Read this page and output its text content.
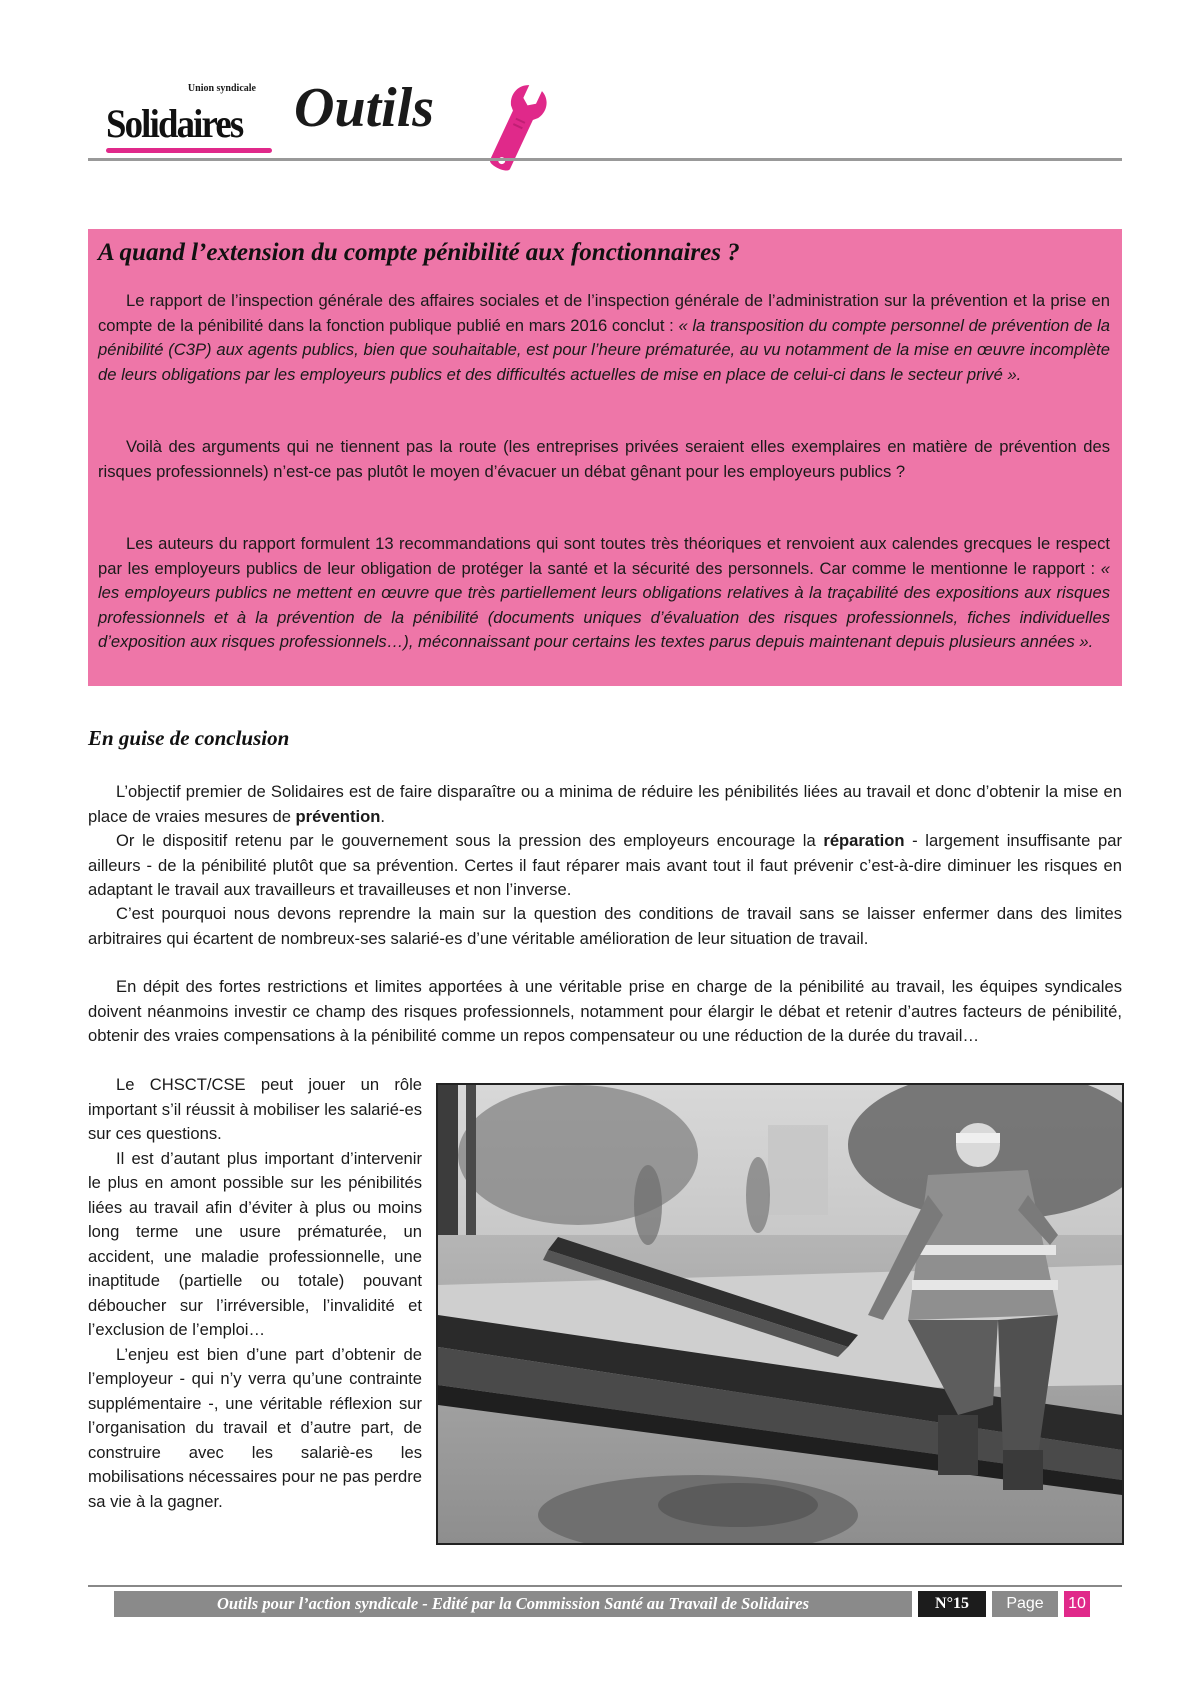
Union syndicale
Solidaires Outils
A quand l’extension du compte pénibilité aux fonctionnaires ?

Le rapport de l’inspection générale des affaires sociales et de l’inspection générale de l’administration sur la prévention et la prise en compte de la pénibilité dans la fonction publique publié en mars 2016 conclut : « la transposition du compte personnel de prévention de la pénibilité (C3P) aux agents publics, bien que souhaitable, est pour l’heure prématurée, au vu notamment de la mise en œuvre incomplète de leurs obligations par les employeurs publics et des difficultés actuelles de mise en place de celui-ci dans le secteur privé ».

Voilà des arguments qui ne tiennent pas la route (les entreprises privées seraient elles exemplaires en matière de prévention des risques professionnels) n’est-ce pas plutôt le moyen d’évacuer un débat gênant pour les employeurs publics ?

Les auteurs du rapport formulent 13 recommandations qui sont toutes très théoriques et renvoient aux calendes grecques le respect par les employeurs publics de leur obligation de protéger la santé et la sécurité des personnels. Car comme le mentionne le rapport : « les employeurs publics ne mettent en œuvre que très partiellement leurs obligations relatives à la traçabilité des expositions aux risques professionnels et à la prévention de la pénibilité (documents uniques d’évaluation des risques professionnels, fiches individuelles d’exposition aux risques professionnels…), méconnaissant pour certains les textes parus depuis maintenant depuis plusieurs années ».

En guise de conclusion

L’objectif premier de Solidaires est de faire disparaître ou a minima de réduire les pénibilités liées au travail et donc d’obtenir la mise en place de vraies mesures de prévention.

Or le dispositif retenu par le gouvernement sous la pression des employeurs encourage la réparation - largement insuffisante par ailleurs - de la pénibilité plutôt que sa prévention. Certes il faut réparer mais avant tout il faut prévenir c’est-à-dire diminuer les risques en adaptant le travail aux travailleurs et travailleuses et non l’inverse.

C’est pourquoi nous devons reprendre la main sur la question des conditions de travail sans se laisser enfermer dans des limites arbitraires qui écartent de nombreux-ses salarié-es d’une véritable amélioration de leur situation de travail.

En dépit des fortes restrictions et limites apportées à une véritable prise en charge de la pénibilité au travail, les équipes syndicales doivent néanmoins investir ce champ des risques professionnels, notamment pour élargir le débat et retenir d’autres facteurs de pénibilité, obtenir des vraies compensations à la pénibilité comme un repos compensateur ou une réduction de la durée du travail…

Le CHSCT/CSE peut jouer un rôle important s’il réussit à mobiliser les salarié-es sur ces questions.

Il est d’autant plus important d’intervenir le plus en amont possible sur les pénibilités liées au travail afin d’éviter à plus ou moins long terme une usure prématurée, un accident, une maladie professionnelle, une inaptitude (partielle ou totale) pouvant déboucher sur l’irréversible, l’invalidité et l’exclusion de l’emploi…

L’enjeu est bien d’une part d’obtenir de l’employeur - qui n’y verra qu’une contrainte supplémentaire -, une véritable réflexion sur l’organisation du travail et d’autre part, de construire avec les salariè-es les mobilisations nécessaires pour ne pas perdre sa vie à la gagner.

Outils pour l’action syndicale - Edité par la Commission Santé au Travail de Solidaires	N°15	Page	10
